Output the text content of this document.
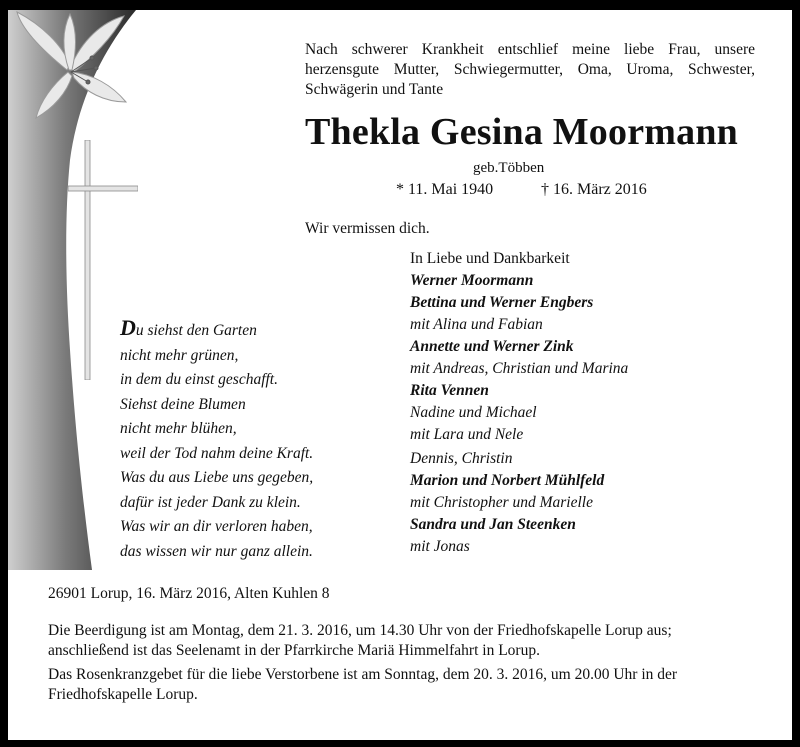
Nach schwerer Krankheit entschlief meine liebe Frau, unsere
herzensgute Mutter, Schwiegermutter, Oma, Uroma, Schwester,
Schwägerin und Tante

Thekla Gesina Moormann
geb.Többen
* 11. Mai 1940	† 16. März 2016
Wir vermissen dich.
Du siehst den Garten
nicht mehr grünen,
in dem du einst geschafft.
Siehst deine Blumen
nicht mehr blühen,
weil der Tod nahm deine Kraft.
Was du aus Liebe uns gegeben,
dafür ist jeder Dank zu klein.
Was wir an dir verloren haben,
das wissen wir nur ganz allein.
In Liebe und Dankbarkeit
Werner Moormann
Bettina und Werner Engbers
mit Alina und Fabian
Annette und Werner Zink
mit Andreas, Christian und Marina
Rita Vennen
Nadine und Michael
mit Lara und Nele
Dennis, Christin
Marion und Norbert Mühlfeld
mit Christopher und Marielle
Sandra und Jan Steenken
mit Jonas
26901 Lorup, 16. März 2016, Alten Kuhlen 8

Die Beerdigung ist am Montag, dem 21. 3. 2016, um 14.30 Uhr von der Friedhofskapelle Lorup aus;
anschließend ist das Seelenamt in der Pfarrkirche Mariä Himmelfahrt in Lorup.

Das Rosenkranzgebet für die liebe Verstorbene ist am Sonntag, dem 20. 3. 2016, um 20.00 Uhr in der
Friedhofskapelle Lorup.
